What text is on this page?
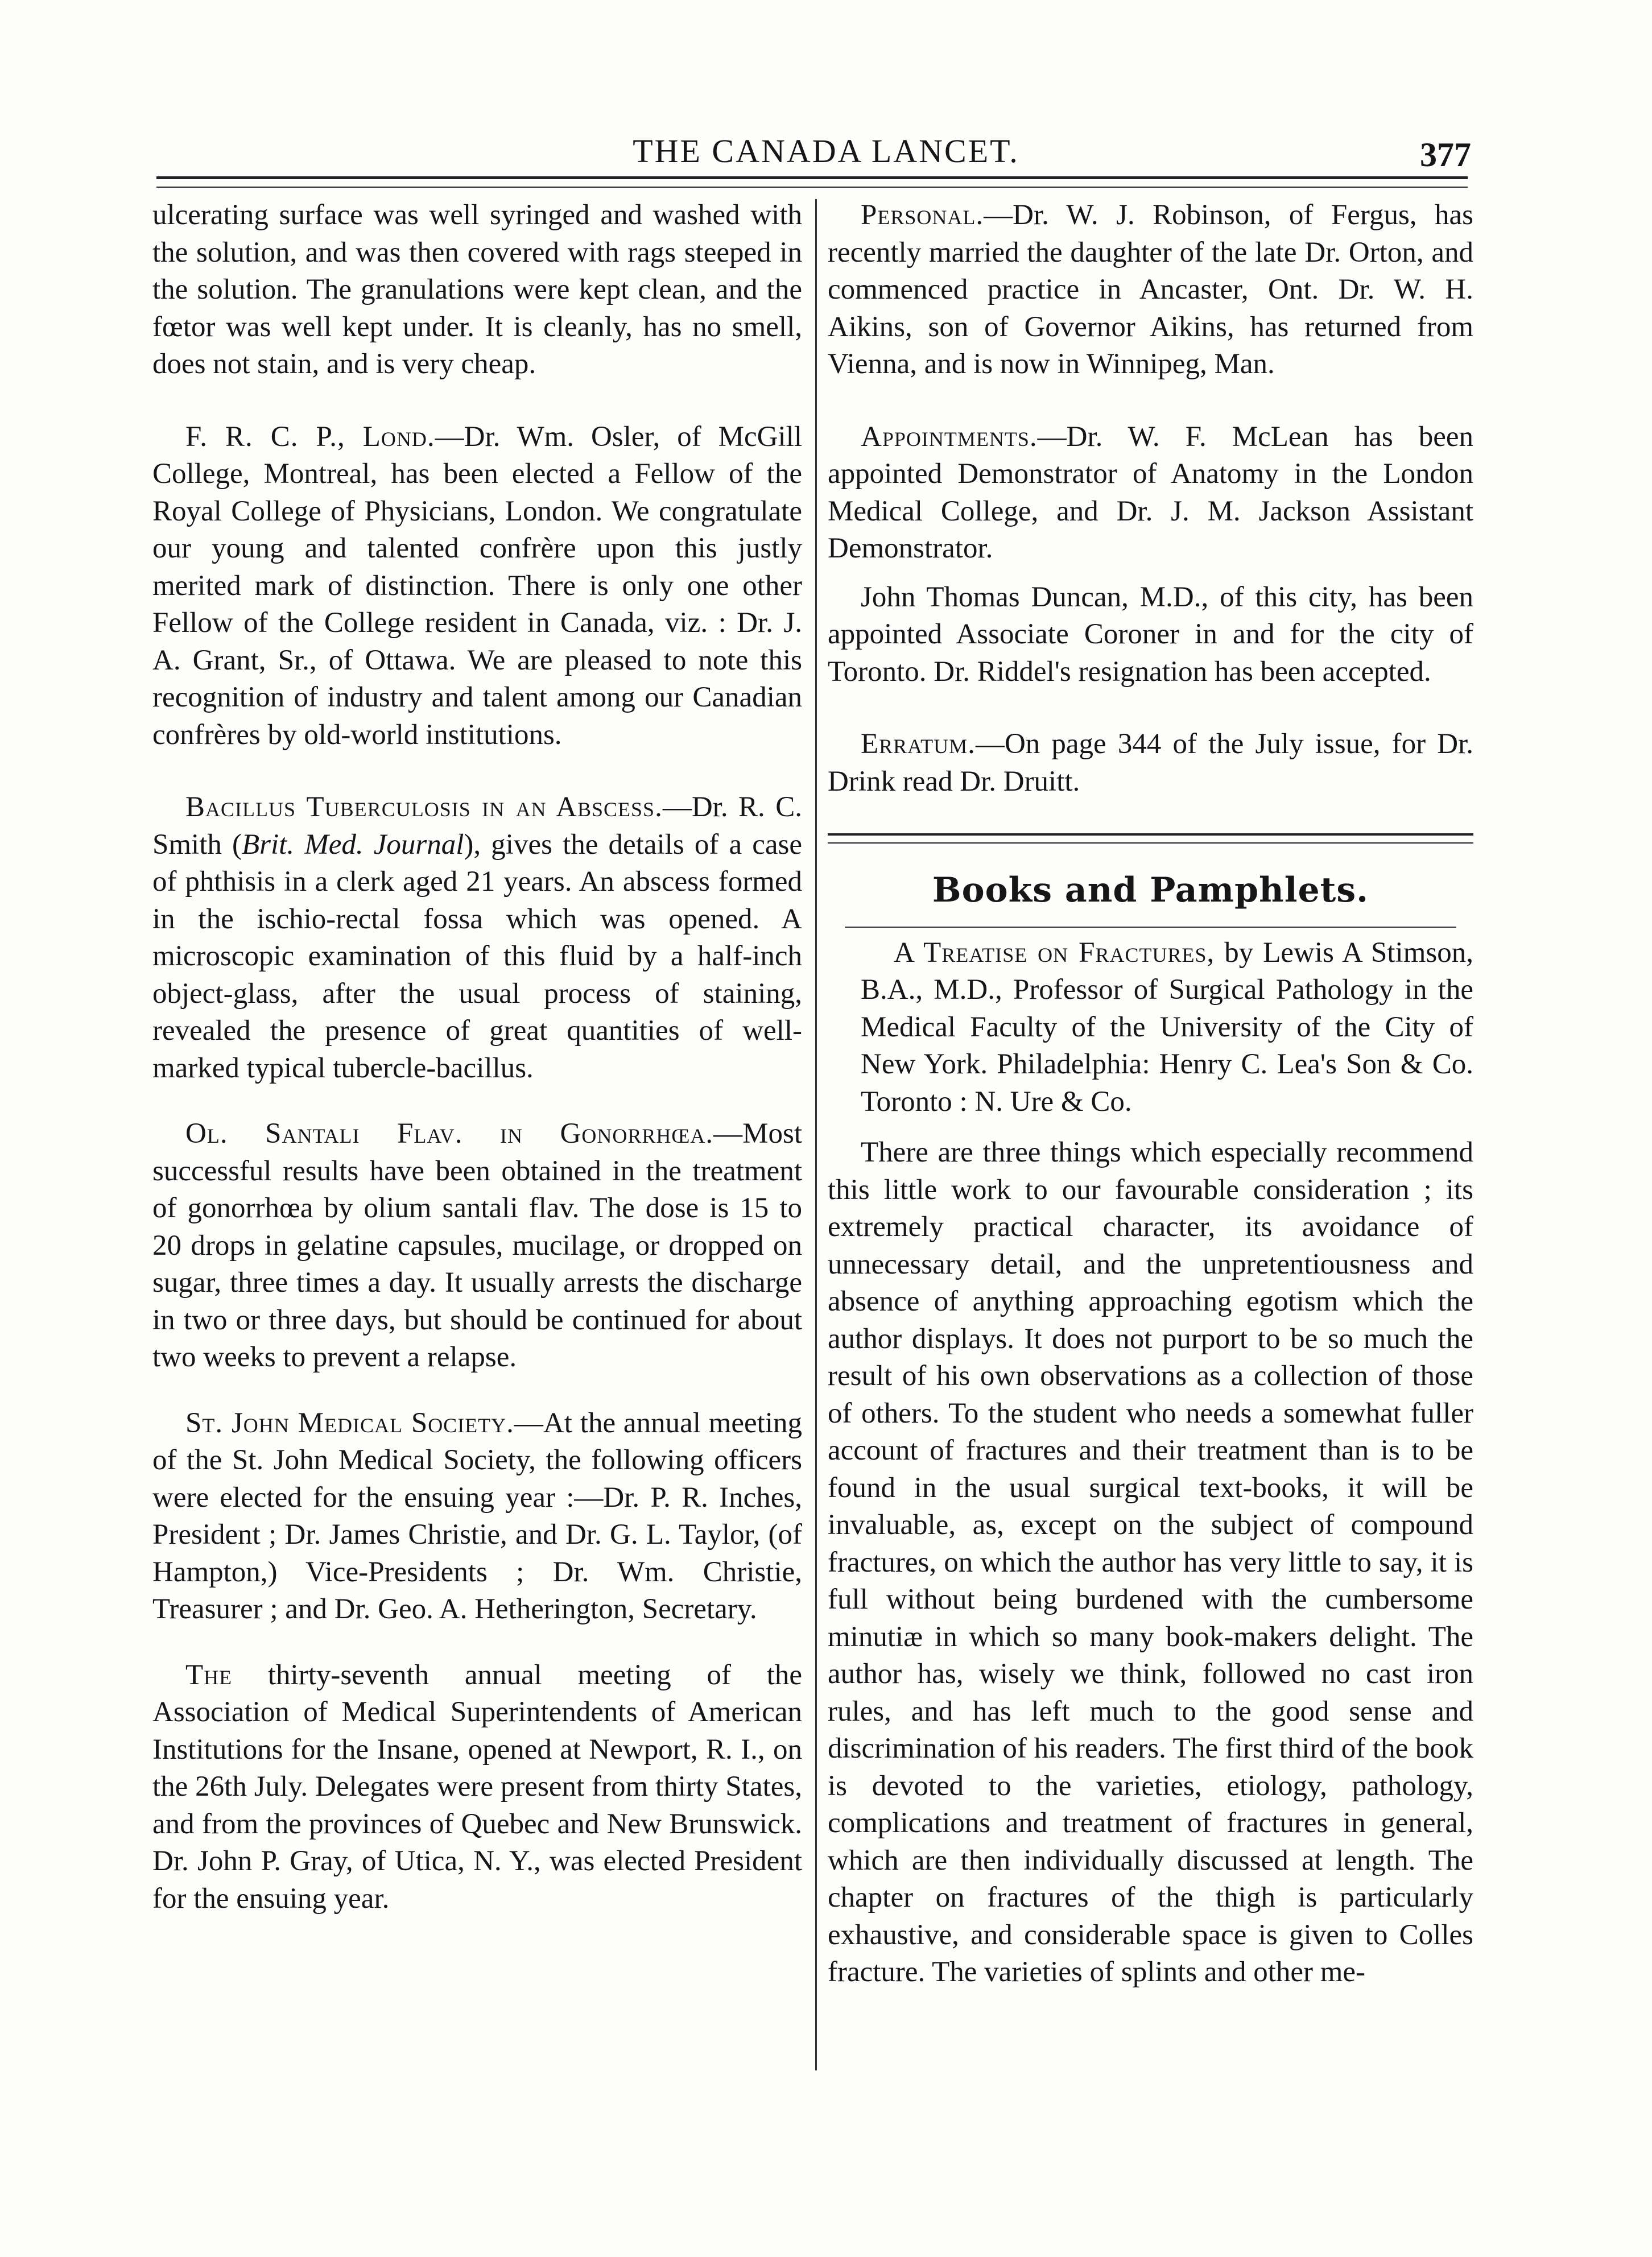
THE CANADA LANCET.	377

ulcerating surface was well syringed and washed with the solution, and was then covered with rags steeped in the solution. The granulations were kept clean, and the fœtor was well kept under. It is cleanly, has no smell, does not stain, and is very cheap.

F. R. C. P., Lond.—Dr. Wm. Osler, of McGill College, Montreal, has been elected a Fellow of the Royal College of Physicians, London. We congratulate our young and talented confrère upon this justly merited mark of distinction. There is only one other Fellow of the College resident in Canada, viz. : Dr. J. A. Grant, Sr., of Ottawa. We are pleased to note this recognition of industry and talent among our Canadian confrères by old-world institutions.

Bacillus Tuberculosis in an Abscess.—Dr. R. C. Smith (Brit. Med. Journal), gives the details of a case of phthisis in a clerk aged 21 years. An abscess formed in the ischio-rectal fossa which was opened. A microscopic examination of this fluid by a half-inch object-glass, after the usual process of staining, revealed the presence of great quantities of well-marked typical tubercle-bacillus.

Ol. Santali Flav. in Gonorrhœa.—Most successful results have been obtained in the treatment of gonorrhœa by olium santali flav. The dose is 15 to 20 drops in gelatine capsules, mucilage, or dropped on sugar, three times a day. It usually arrests the discharge in two or three days, but should be continued for about two weeks to prevent a relapse.

St. John Medical Society.—At the annual meeting of the St. John Medical Society, the following officers were elected for the ensuing year :—Dr. P. R. Inches, President ; Dr. James Christie, and Dr. G. L. Taylor, (of Hampton,) Vice-Presidents ; Dr. Wm. Christie, Treasurer ; and Dr. Geo. A. Hetherington, Secretary.

The thirty-seventh annual meeting of the Association of Medical Superintendents of American Institutions for the Insane, opened at Newport, R. I., on the 26th July. Delegates were present from thirty States, and from the provinces of Quebec and New Brunswick. Dr. John P. Gray, of Utica, N. Y., was elected President for the ensuing year.

Personal.—Dr. W. J. Robinson, of Fergus, has recently married the daughter of the late Dr. Orton, and commenced practice in Ancaster, Ont. Dr. W. H. Aikins, son of Governor Aikins, has returned from Vienna, and is now in Winnipeg, Man.

Appointments.—Dr. W. F. McLean has been appointed Demonstrator of Anatomy in the London Medical College, and Dr. J. M. Jackson Assistant Demonstrator.

John Thomas Duncan, M.D., of this city, has been appointed Associate Coroner in and for the city of Toronto. Dr. Riddel's resignation has been accepted.

Erratum.—On page 344 of the July issue, for Dr. Drink read Dr. Druitt.

Books and Pamphlets.

A Treatise on Fractures, by Lewis A Stimson, B.A., M.D., Professor of Surgical Pathology in the Medical Faculty of the University of the City of New York. Philadelphia: Henry C. Lea's Son & Co. Toronto : N. Ure & Co.

There are three things which especially recommend this little work to our favourable consideration ; its extremely practical character, its avoidance of unnecessary detail, and the unpretentiousness and absence of anything approaching egotism which the author displays. It does not purport to be so much the result of his own observations as a collection of those of others. To the student who needs a somewhat fuller account of fractures and their treatment than is to be found in the usual surgical text-books, it will be invaluable, as, except on the subject of compound fractures, on which the author has very little to say, it is full without being burdened with the cumbersome minutiæ in which so many book-makers delight. The author has, wisely we think, followed no cast iron rules, and has left much to the good sense and discrimination of his readers. The first third of the book is devoted to the varieties, etiology, pathology, complications and treatment of fractures in general, which are then individually discussed at length. The chapter on fractures of the thigh is particularly exhaustive, and considerable space is given to Colles fracture. The varieties of splints and other me-
